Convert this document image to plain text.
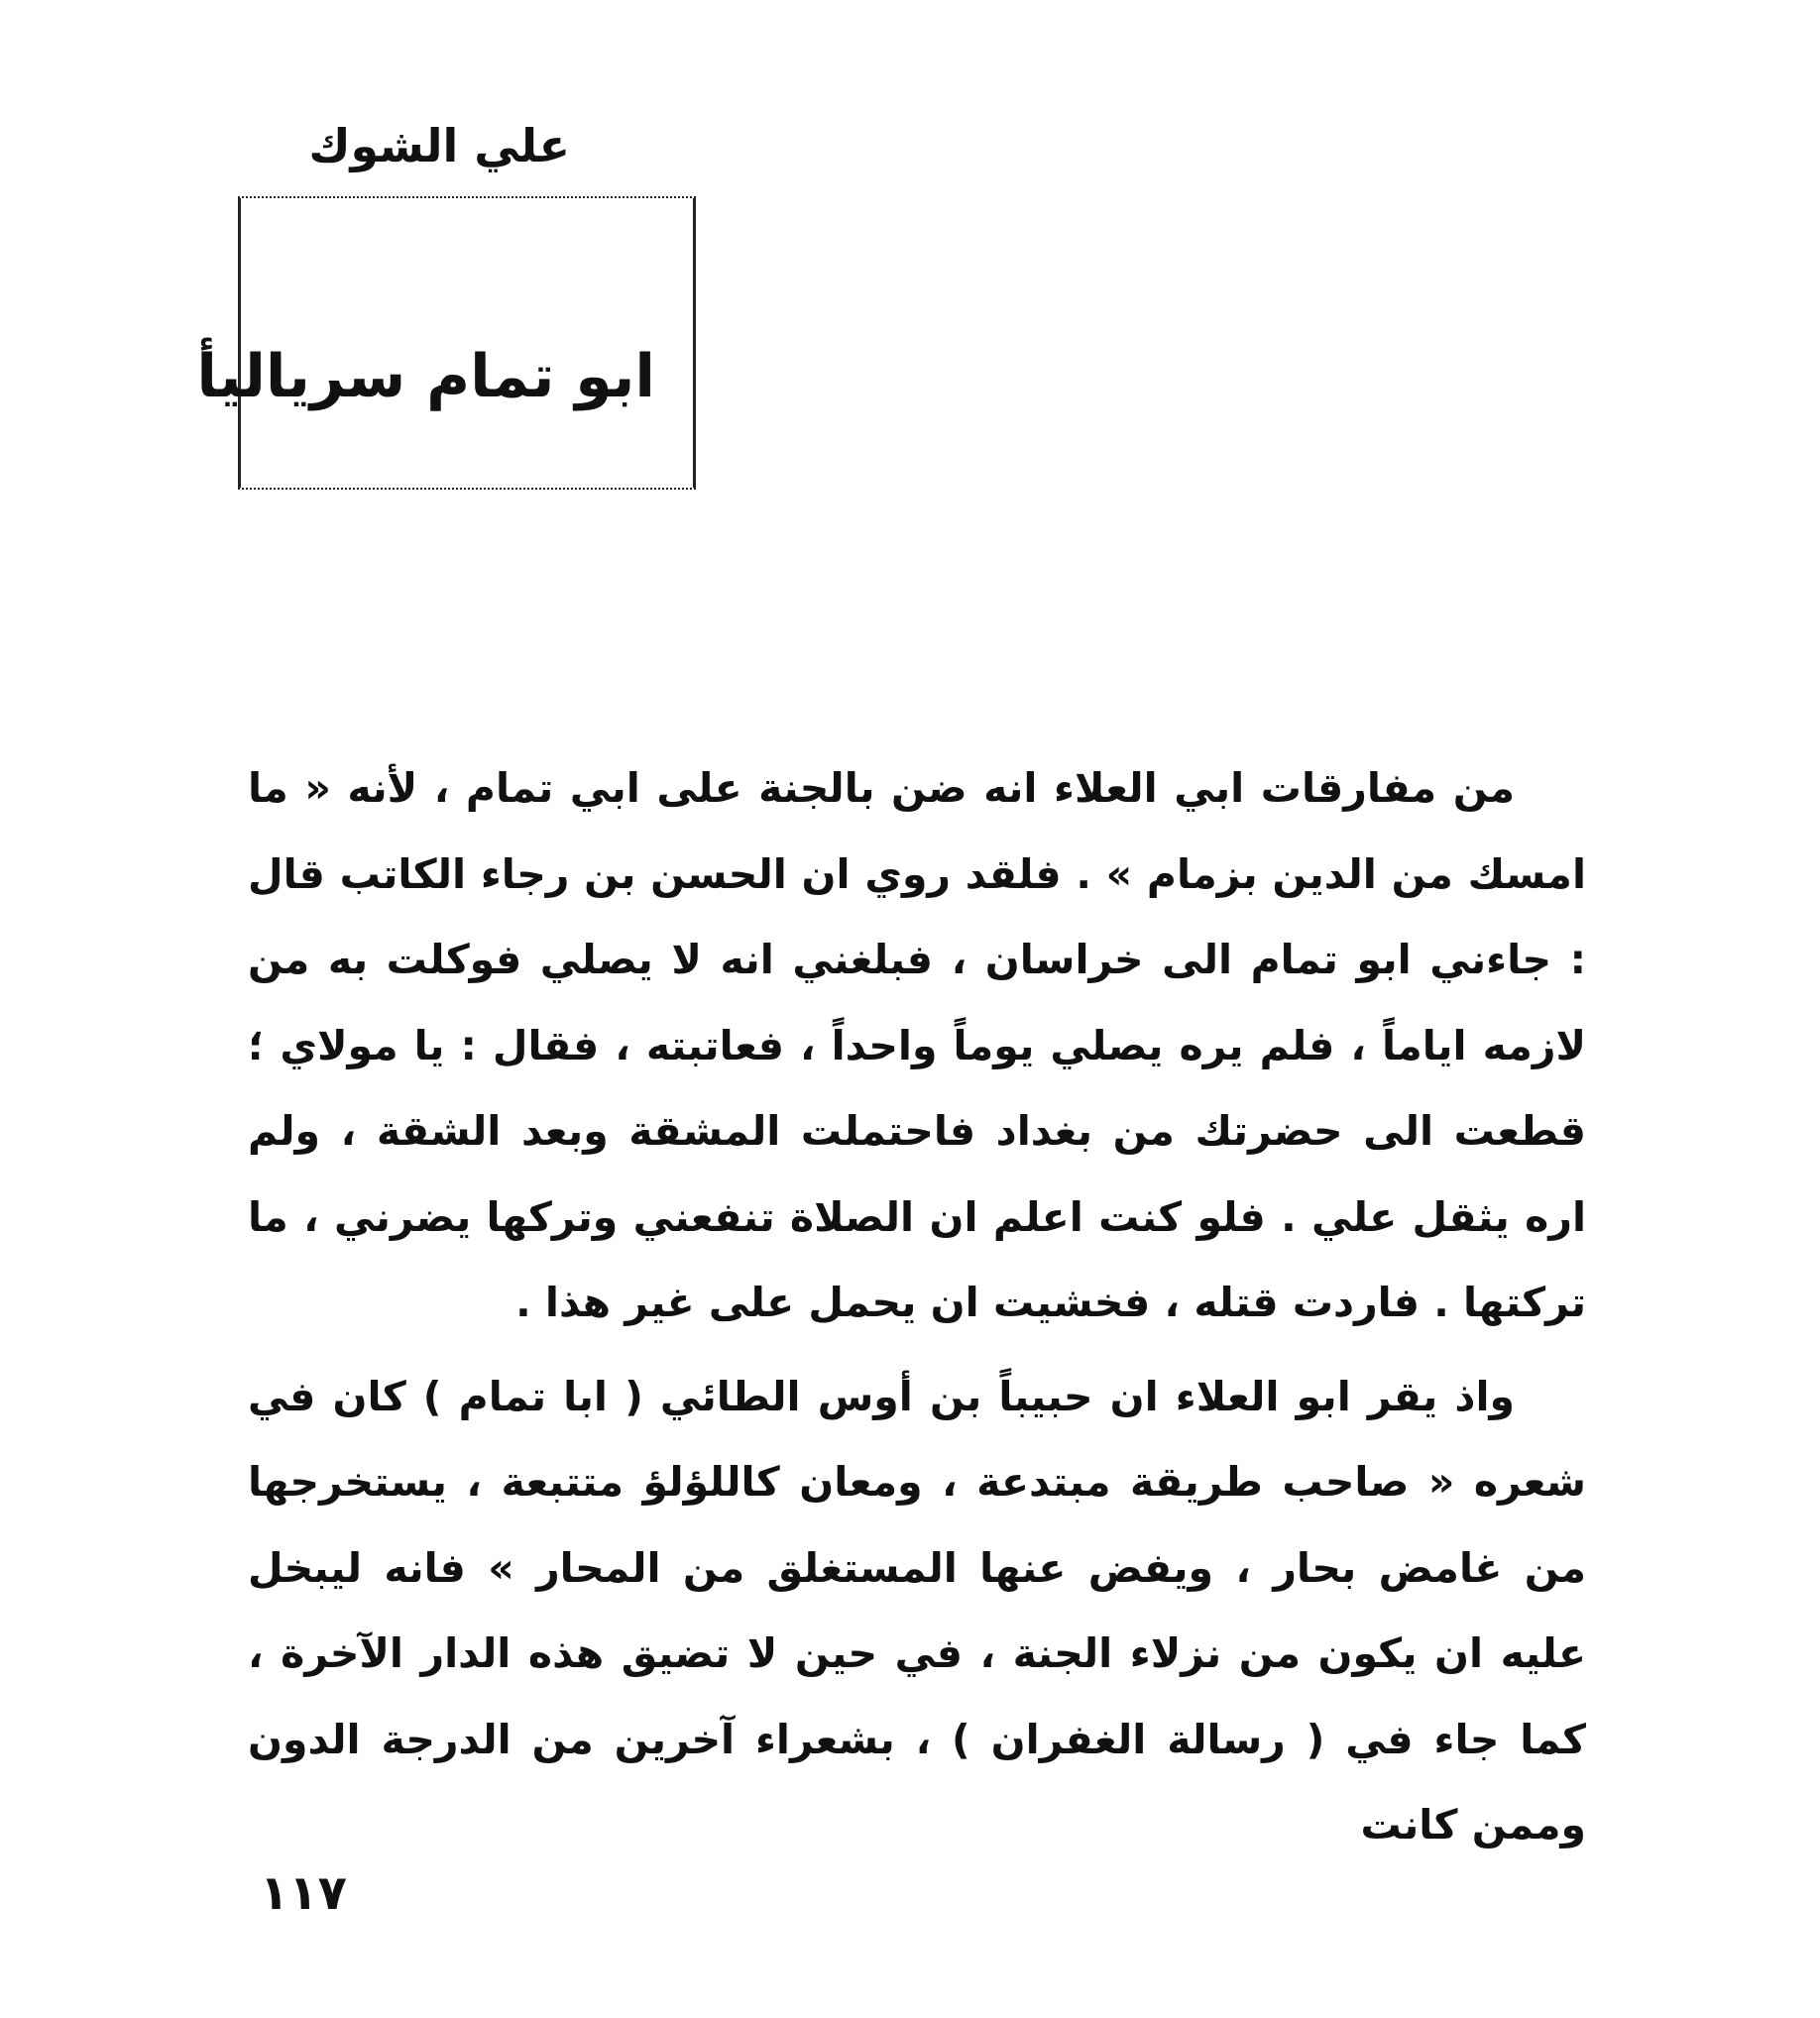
علي الشوك
ابو تمام سرياليأ

من مفارقات ابي العلاء انه ضن بالجنة على ابي تمام ، لأنه « ما امسك من الدين بزمام » . فلقد روي ان الحسن بن رجاء الكاتب قال : جاءني ابو تمام الى خراسان ، فبلغني انه لا يصلي فوكلت به من لازمه اياماً ، فلم يره يصلي يوماً واحداً ، فعاتبته ، فقال : يا مولاي ؛ قطعت الى حضرتك من بغداد فاحتملت المشقة وبعد الشقة ، ولم اره يثقل علي . فلو كنت اعلم ان الصلاة تنفعني وتركها يضرني ، ما تركتها . فاردت قتله ، فخشيت ان يحمل على غير هذا .

واذ يقر ابو العلاء ان حبيباً بن أوس الطائي ( ابا تمام ) كان في شعره « صاحب طريقة مبتدعة ، ومعان كاللؤلؤ متتبعة ، يستخرجها من غامض بحار ، ويفض عنها المستغلق من المحار » فانه ليبخل عليه ان يكون من نزلاء الجنة ، في حين لا تضيق هذه الدار الآخرة ، كما جاء في ( رسالة الغفران ) ، بشعراء آخرين من الدرجة الدون وممن كانت

١١٧
